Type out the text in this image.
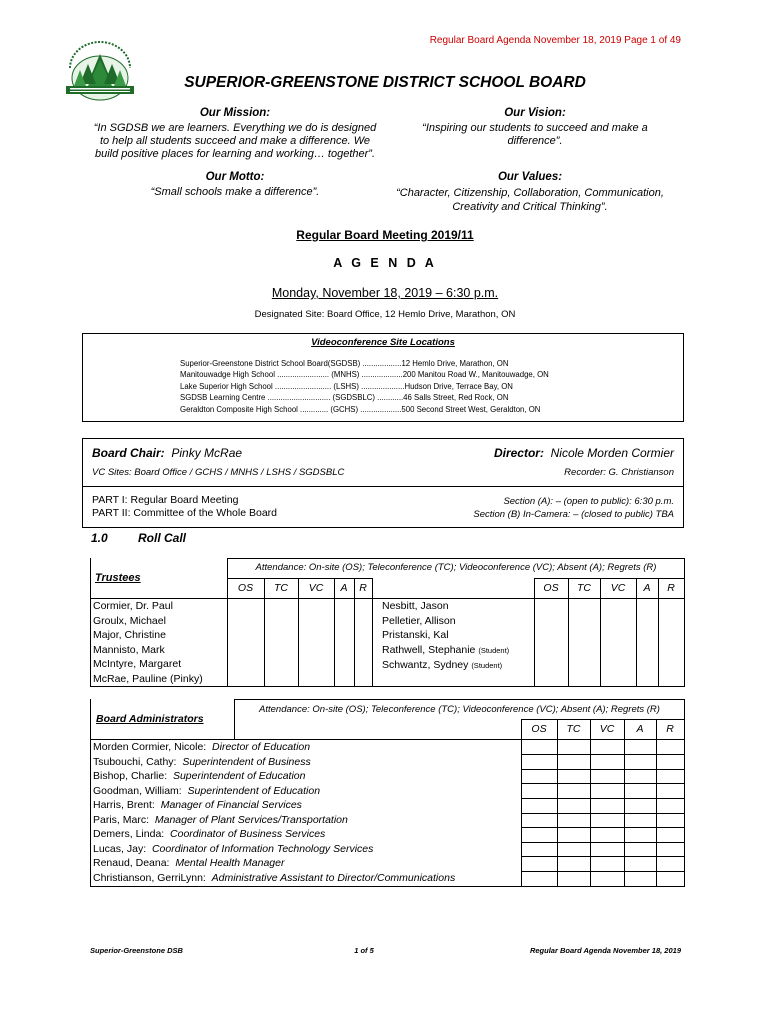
Regular Board Agenda November 18, 2019 Page 1 of 49
SUPERIOR-GREENSTONE DISTRICT SCHOOL BOARD
Our Mission:
“In SGDSB we are learners. Everything we do is designed
to help all students succeed and make a difference. We
build positive places for learning and working… together”.
Our Vision:
“Inspiring our students to succeed and make a
difference”.
Our Motto:
“Small schools make a difference”.
Our Values:
“Character, Citizenship, Collaboration, Communication,
Creativity and Critical Thinking”.
Regular Board Meeting 2019/11
A G E N D A
Monday, November 18, 2019 – 6:30 p.m.
Designated Site: Board Office, 12 Hemlo Drive, Marathon, ON
Videoconference Site Locations
Superior-Greenstone District School Board(SGDSB) ..................12 Hemlo Drive, Marathon, ON
Manitouwadge High School ........................ (MNHS) ...................200 Manitou Road W., Manitouwadge, ON
Lake Superior High School .......................... (LSHS) ....................Hudson Drive, Terrace Bay, ON
SGDSB Learning Centre ............................. (SGDSBLC) ............46 Salls Street, Red Rock, ON
Geraldton Composite High School ............. (GCHS) ...................500 Second Street West, Geraldton, ON
Board Chair: Pinky McRae	Director: Nicole Morden Cormier
VC Sites: Board Office / GCHS / MNHS / LSHS / SGDSBLC	Recorder: G. Christianson
PART I: Regular Board Meeting
PART II: Committee of the Whole Board
Section (A): – (open to public): 6:30 p.m.
Section (B) In-Camera: – (closed to public) TBA
1.0	Roll Call
Attendance: On-site (OS); Teleconference (TC); Videoconference (VC); Absent (A); Regrets (R)
Trustees
OS	TC	VC	A	R	OS	TC	VC	A	R
Cormier, Dr. Paul
Groulx, Michael
Major, Christine
Mannisto, Mark
McIntyre, Margaret
McRae, Pauline (Pinky)
Nesbitt, Jason
Pelletier, Allison
Pristanski, Kal
Rathwell, Stephanie (Student)
Schwantz, Sydney (Student)
Attendance: On-site (OS); Teleconference (TC); Videoconference (VC); Absent (A); Regrets (R)
Board Administrators
OS	TC	VC	A	R
Morden Cormier, Nicole: Director of Education
Tsubouchi, Cathy: Superintendent of Business
Bishop, Charlie: Superintendent of Education
Goodman, William: Superintendent of Education
Harris, Brent: Manager of Financial Services
Paris, Marc: Manager of Plant Services/Transportation
Demers, Linda: Coordinator of Business Services
Lucas, Jay: Coordinator of Information Technology Services
Renaud, Deana: Mental Health Manager
Christianson, GerriLynn: Administrative Assistant to Director/Communications
Superior-Greenstone DSB	1 of 5	Regular Board Agenda November 18, 2019
